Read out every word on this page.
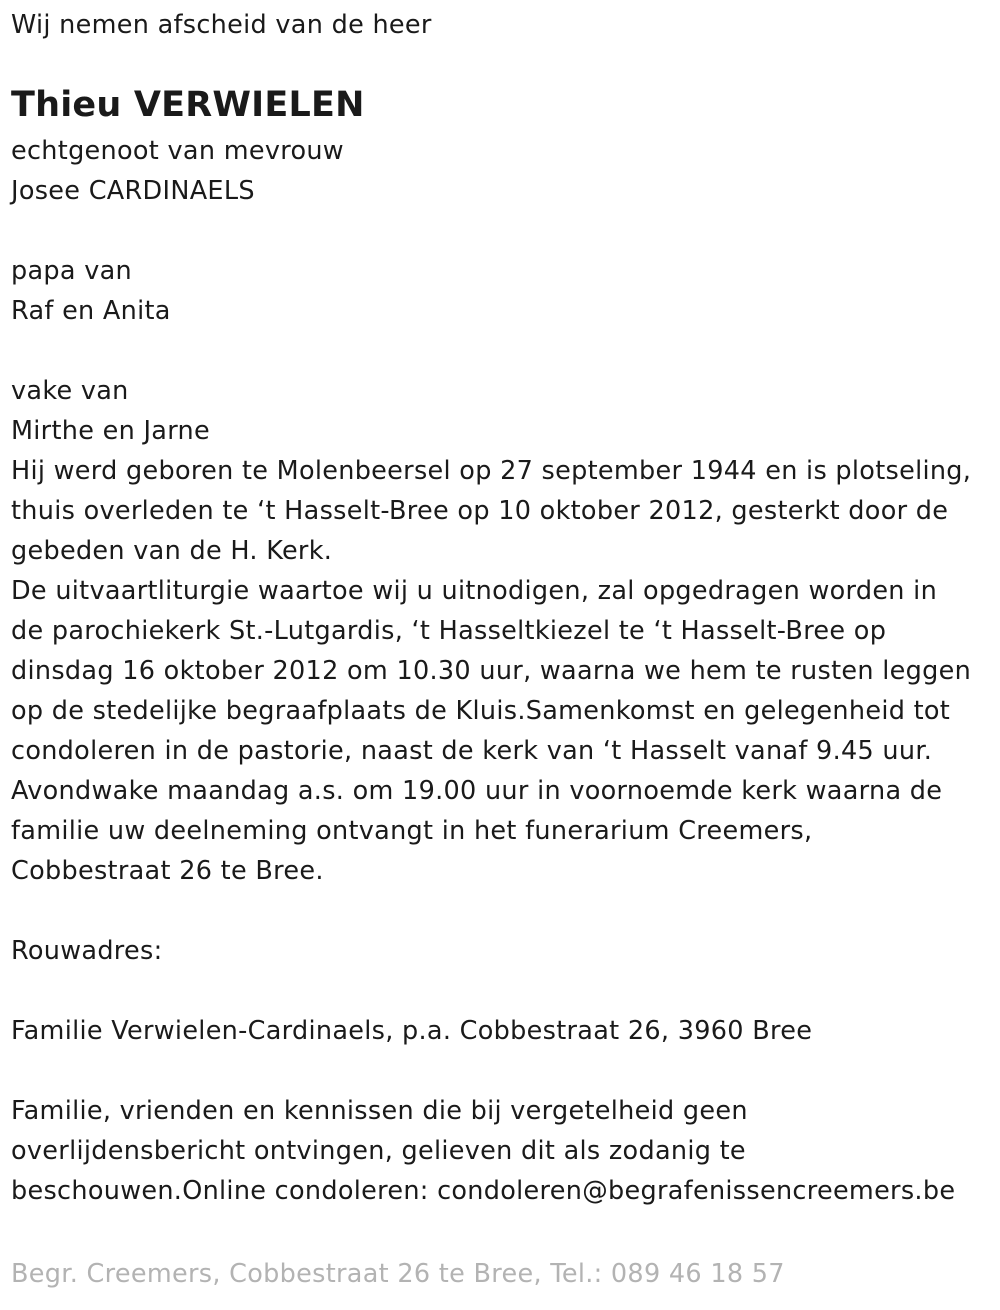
Wij nemen afscheid van de heer
Thieu VERWIELEN
echtgenoot van mevrouw
Josee CARDINAELS
papa van
Raf en Anita
vake van
Mirthe en Jarne
Hij werd geboren te Molenbeersel op 27 september 1944 en is plotseling,
thuis overleden te ‘t Hasselt-Bree op 10 oktober 2012, gesterkt door de
gebeden van de H. Kerk.
De uitvaartliturgie waartoe wij u uitnodigen, zal opgedragen worden in
de parochiekerk St.-Lutgardis, ‘t Hasseltkiezel te ‘t Hasselt-Bree op
dinsdag 16 oktober 2012 om 10.30 uur, waarna we hem te rusten leggen
op de stedelijke begraafplaats de Kluis.Samenkomst en gelegenheid tot
condoleren in de pastorie, naast de kerk van ‘t Hasselt vanaf 9.45 uur.
Avondwake maandag a.s. om 19.00 uur in voornoemde kerk waarna de
familie uw deelneming ontvangt in het funerarium Creemers,
Cobbestraat 26 te Bree.
Rouwadres:
Familie Verwielen-Cardinaels, p.a. Cobbestraat 26, 3960 Bree
Familie, vrienden en kennissen die bij vergetelheid geen
overlijdensbericht ontvingen, gelieven dit als zodanig te
beschouwen.Online condoleren: condoleren@begrafenissencreemers.be
Begr. Creemers, Cobbestraat 26 te Bree, Tel.: 089 46 18 57
